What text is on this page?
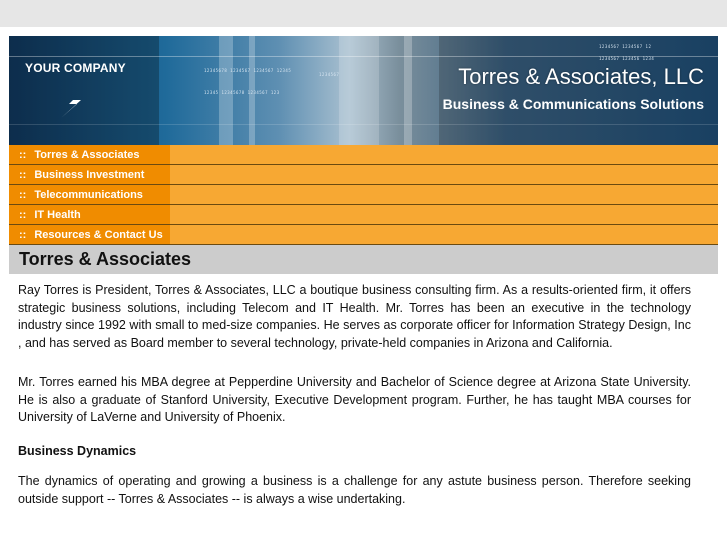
12345678 1234567 1234567 12345
12345 12345678 1234567 123
1234567
1234567 1234567 12
1234567 123456 1234
YOUR COMPANY	Torres & Associates, LLC
Business & Communications Solutions
:: Torres & Associates
:: Business Investment
:: Telecommunications
:: IT Health
:: Resources & Contact Us
Torres & Associates

Ray Torres is President, Torres & Associates, LLC a boutique business consulting firm. As a results-oriented firm, it offers strategic business solutions, including Telecom and IT Health. Mr. Torres has been an executive in the technology industry since 1992 with small to med-size companies. He serves as corporate officer for Information Strategy Design, Inc , and has served as Board member to several technology, private-held companies in Arizona and California.

Mr. Torres earned his MBA degree at Pepperdine University and Bachelor of Science degree at Arizona State University. He is also a graduate of Stanford University, Executive Development program. Further, he has taught MBA courses for University of LaVerne and University of Phoenix.

Business Dynamics

The dynamics of operating and growing a business is a challenge for any astute business person. Therefore seeking outside support -- Torres & Associates -- is always a wise undertaking.
